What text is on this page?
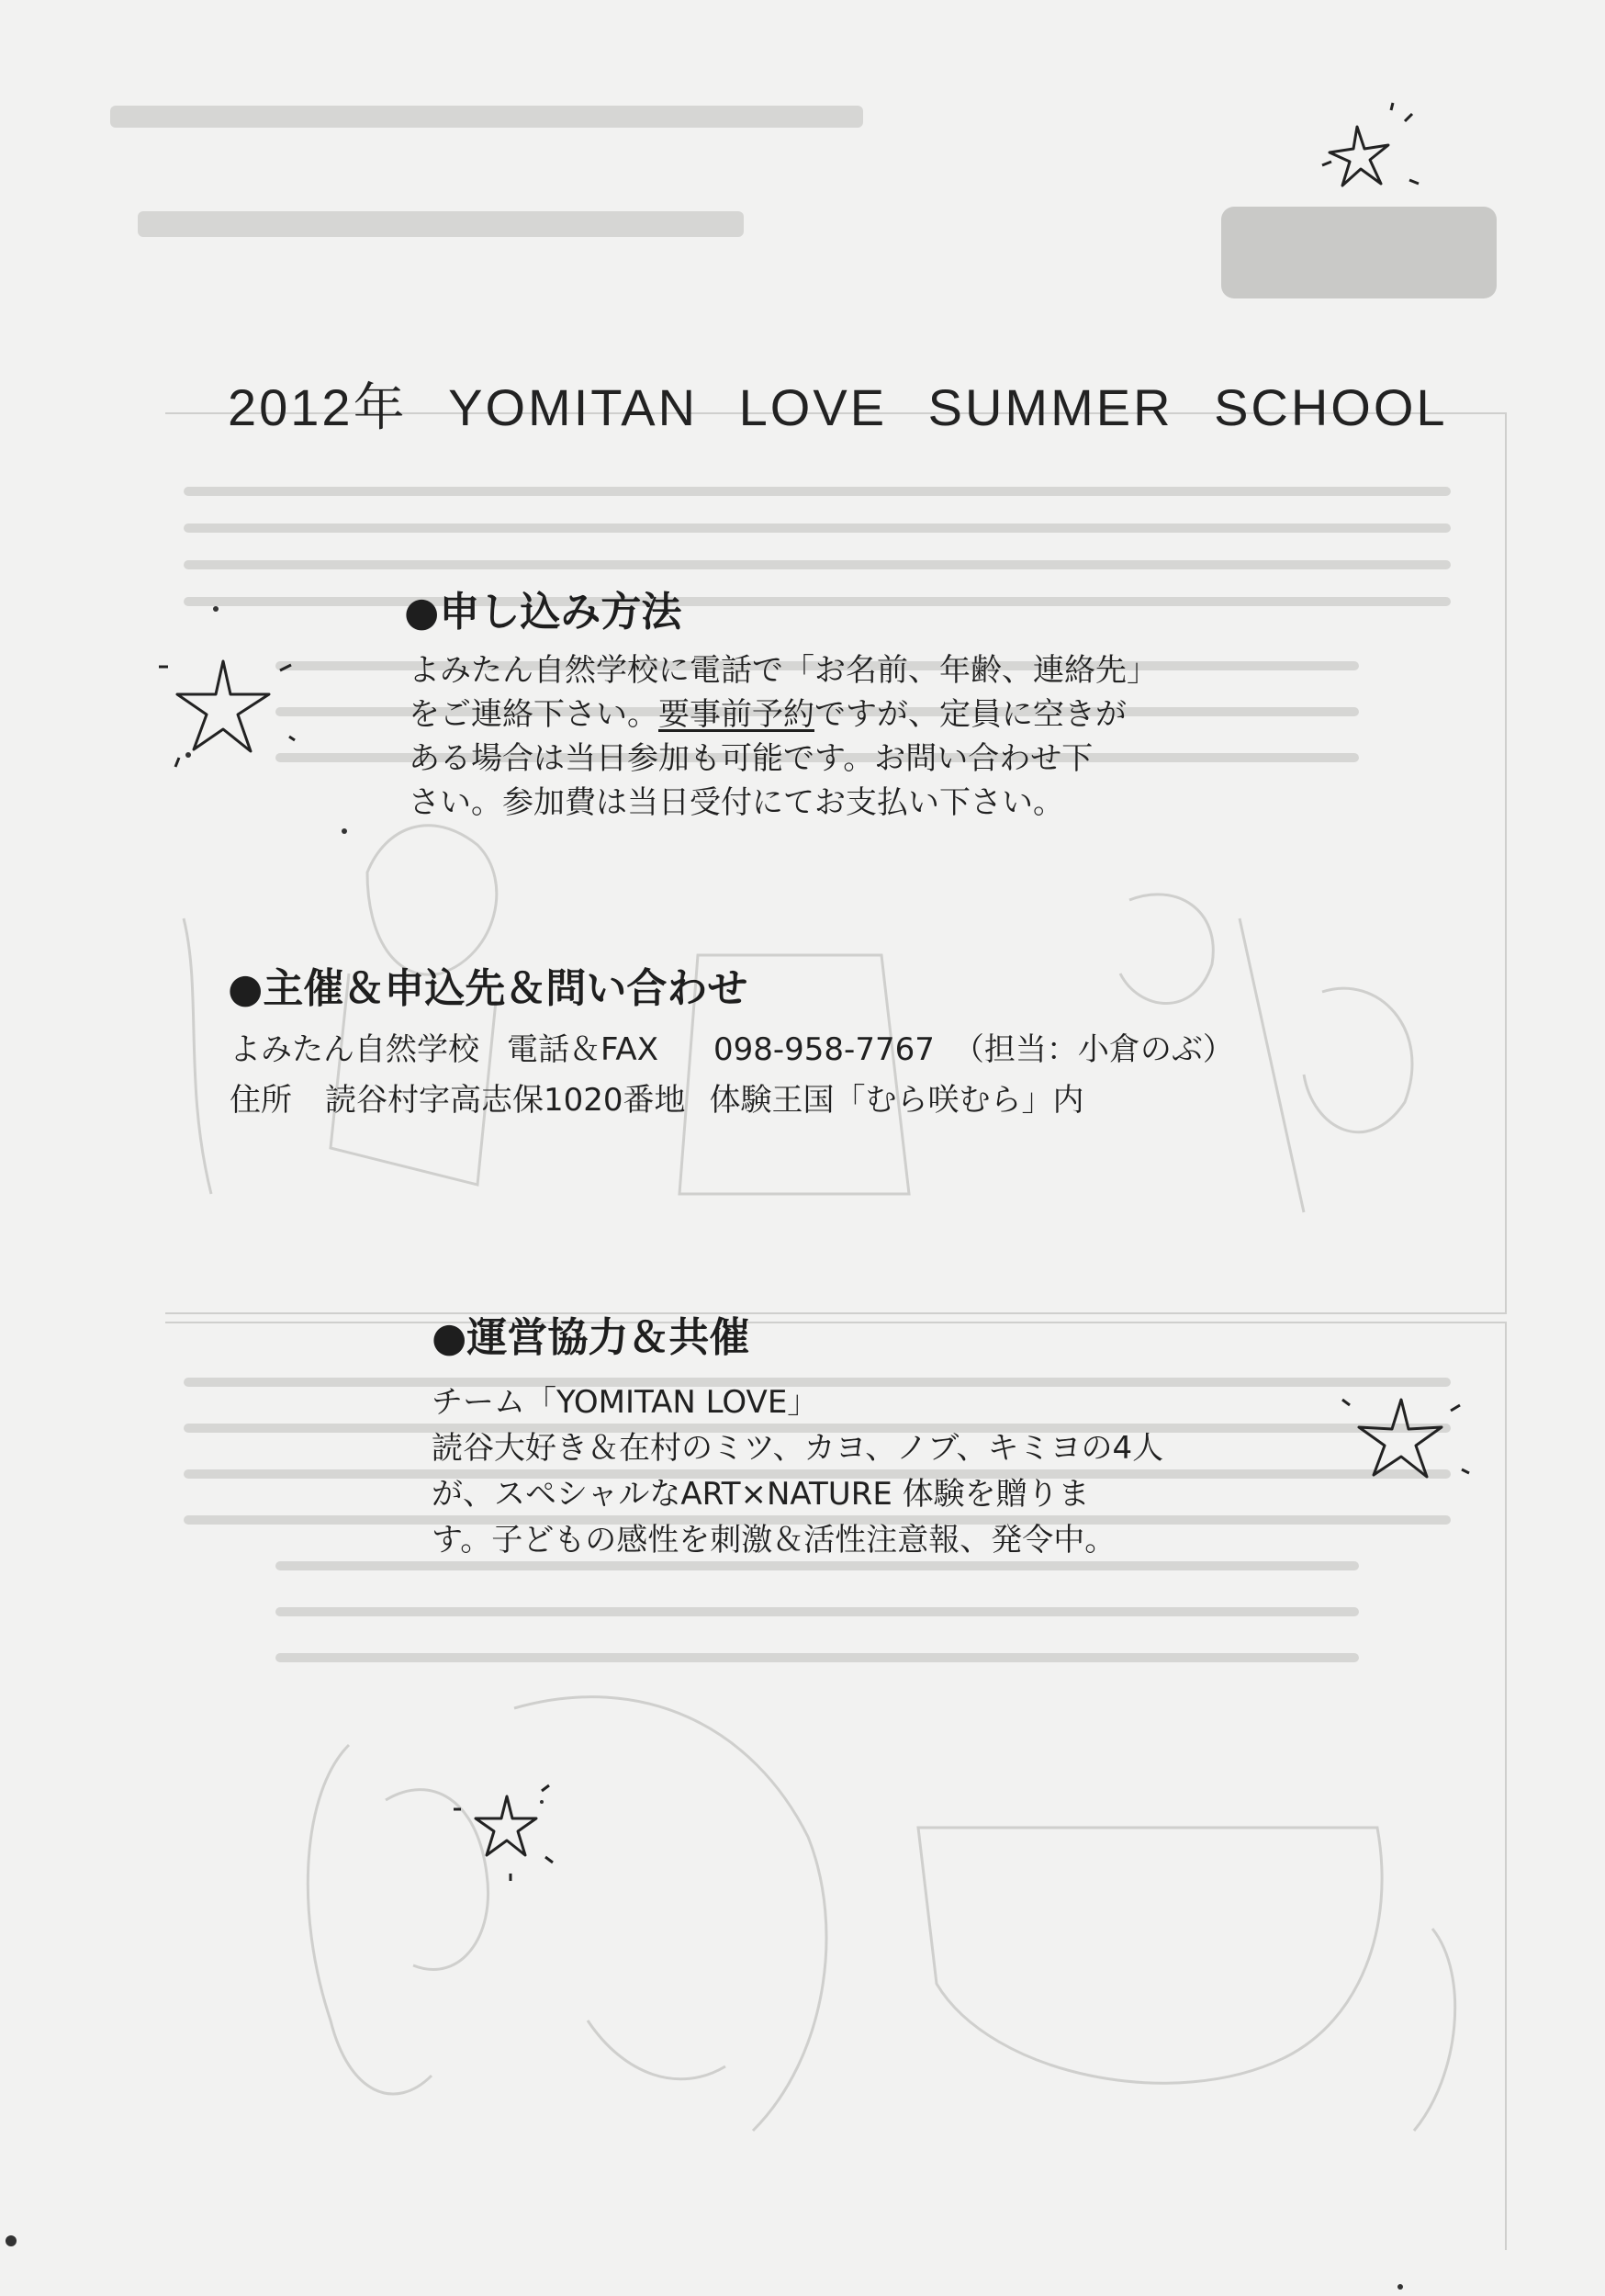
2012年 YOMITAN LOVE SUMMER SCHOOL
●申し込み方法
よみたん自然学校に電話で「お名前、年齢、連絡先」
をご連絡下さい。要事前予約ですが、定員に空きが
ある場合は当日参加も可能です。お問い合わせ下
さい。参加費は当日受付にてお支払い下さい。
●主催＆申込先＆問い合わせ
よみたん自然学校 電話＆FAX 098-958-7767 （担当：小倉のぶ）
住所 読谷村字高志保1020番地 体験王国「むら咲むら」内
●運営協力＆共催
チーム「YOMITAN LOVE」
読谷大好き＆在村のミツ、カヨ、ノブ、キミヨの4人
が、スペシャルなART×NATURE 体験を贈りま
す。子どもの感性を刺激＆活性注意報、発令中。
